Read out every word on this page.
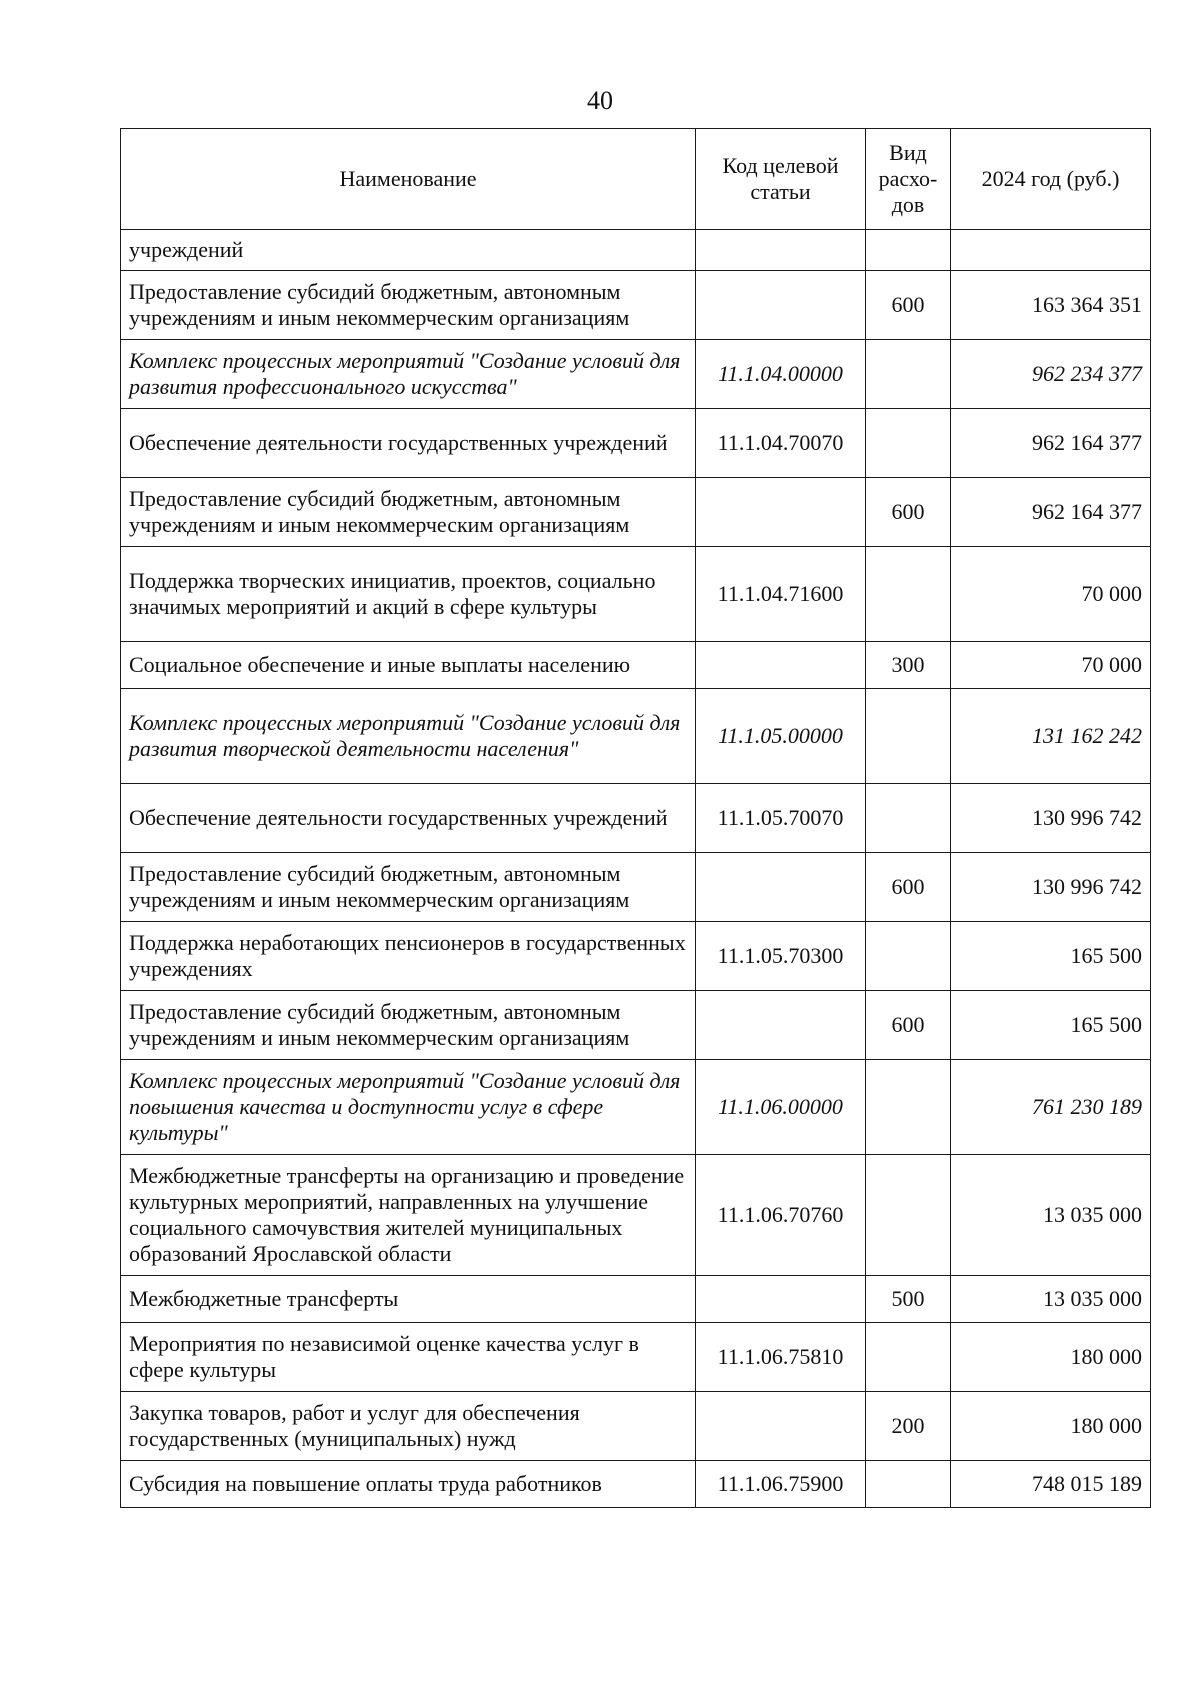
40
Наименование	Код целевой статьи	Вид расхо-дов	2024 год (руб.)
учреждений			
Предоставление субсидий бюджетным, автономным учреждениям и иным некоммерческим организациям		600	163 364 351
Комплекс процессных мероприятий "Создание условий для развития профессионального искусства"	11.1.04.00000		962 234 377
Обеспечение деятельности государственных учреждений	11.1.04.70070		962 164 377
Предоставление субсидий бюджетным, автономным учреждениям и иным некоммерческим организациям		600	962 164 377
Поддержка творческих инициатив, проектов, социально значимых мероприятий и акций в сфере культуры	11.1.04.71600		70 000
Социальное обеспечение и иные выплаты населению		300	70 000
Комплекс процессных мероприятий "Создание условий для развития творческой деятельности населения"	11.1.05.00000		131 162 242
Обеспечение деятельности государственных учреждений	11.1.05.70070		130 996 742
Предоставление субсидий бюджетным, автономным учреждениям и иным некоммерческим организациям		600	130 996 742
Поддержка неработающих пенсионеров в государственных учреждениях	11.1.05.70300		165 500
Предоставление субсидий бюджетным, автономным учреждениям и иным некоммерческим организациям		600	165 500
Комплекс процессных мероприятий "Создание условий для повышения качества и доступности услуг в сфере культуры"	11.1.06.00000		761 230 189
Межбюджетные трансферты на организацию и проведение культурных мероприятий, направленных на улучшение социального самочувствия жителей муниципальных образований Ярославской области	11.1.06.70760		13 035 000
Межбюджетные трансферты		500	13 035 000
Мероприятия по независимой оценке качества услуг в сфере культуры	11.1.06.75810		180 000
Закупка товаров, работ и услуг для обеспечения государственных (муниципальных) нужд		200	180 000
Субсидия на повышение оплаты труда работников	11.1.06.75900		748 015 189
